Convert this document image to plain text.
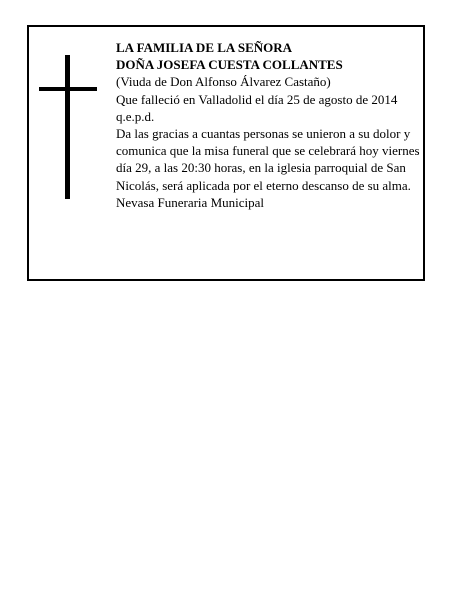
LA FAMILIA DE LA SEÑORA

DOÑA JOSEFA CUESTA COLLANTES

(Viuda de Don Alfonso Álvarez Castaño)

Que falleció en Valladolid el día 25 de agosto de 2014

q.e.p.d.

Da las gracias a cuantas personas se unieron a su dolor y comunica que la misa funeral que se celebrará hoy viernes día 29, a las 20:30 horas, en la iglesia parroquial de San Nicolás, será aplicada por el eterno descanso de su alma.

Nevasa Funeraria Municipal
